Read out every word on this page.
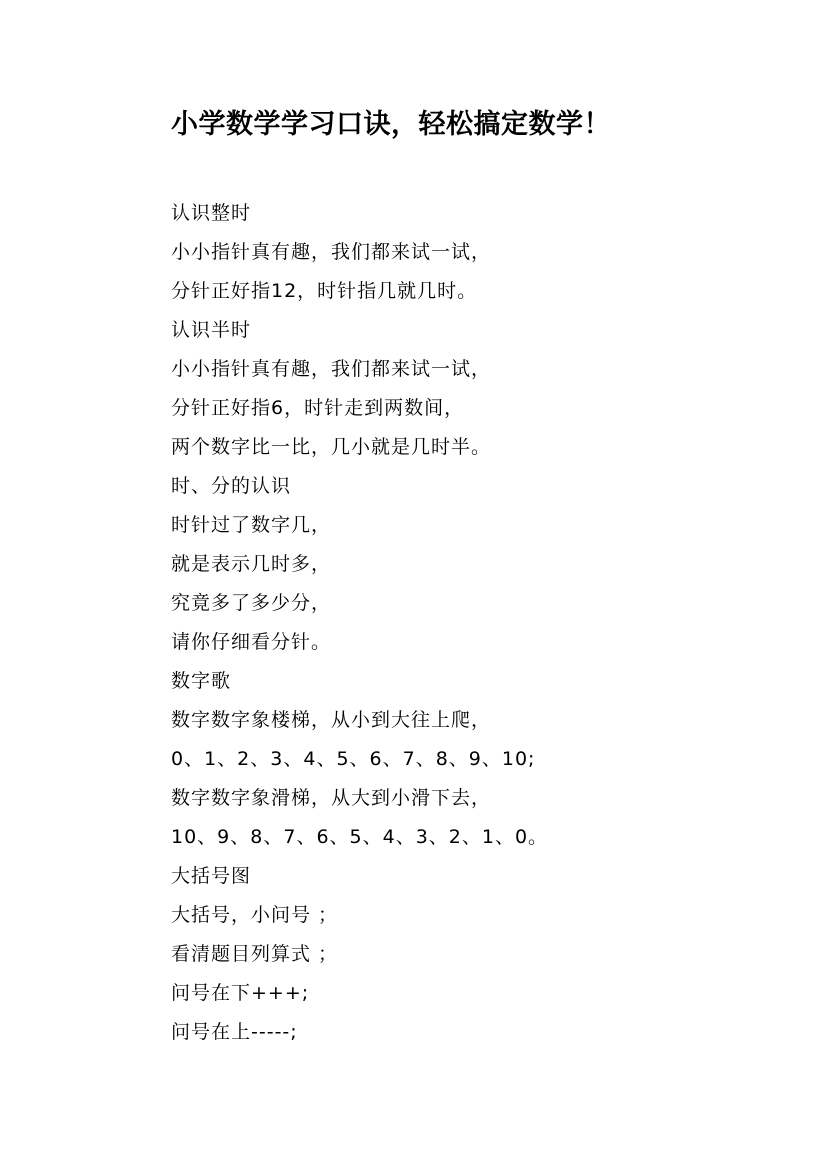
小学数学学习口诀，轻松搞定数学！
认识整时
小小指针真有趣，我们都来试一试，
分针正好指12，时针指几就几时。
认识半时
小小指针真有趣，我们都来试一试，
分针正好指6，时针走到两数间，
两个数字比一比，几小就是几时半。
时、分的认识
时针过了数字几，
就是表示几时多，
究竟多了多少分，
请你仔细看分针。
数字歌
数字数字象楼梯，从小到大往上爬，
0、1、2、3、4、5、6、7、8、9、10;
数字数字象滑梯，从大到小滑下去，
10、9、8、7、6、5、4、3、2、1、0。
大括号图
大括号，小问号 ；
看清题目列算式 ；
问号在下+++;
问号在上-----;
